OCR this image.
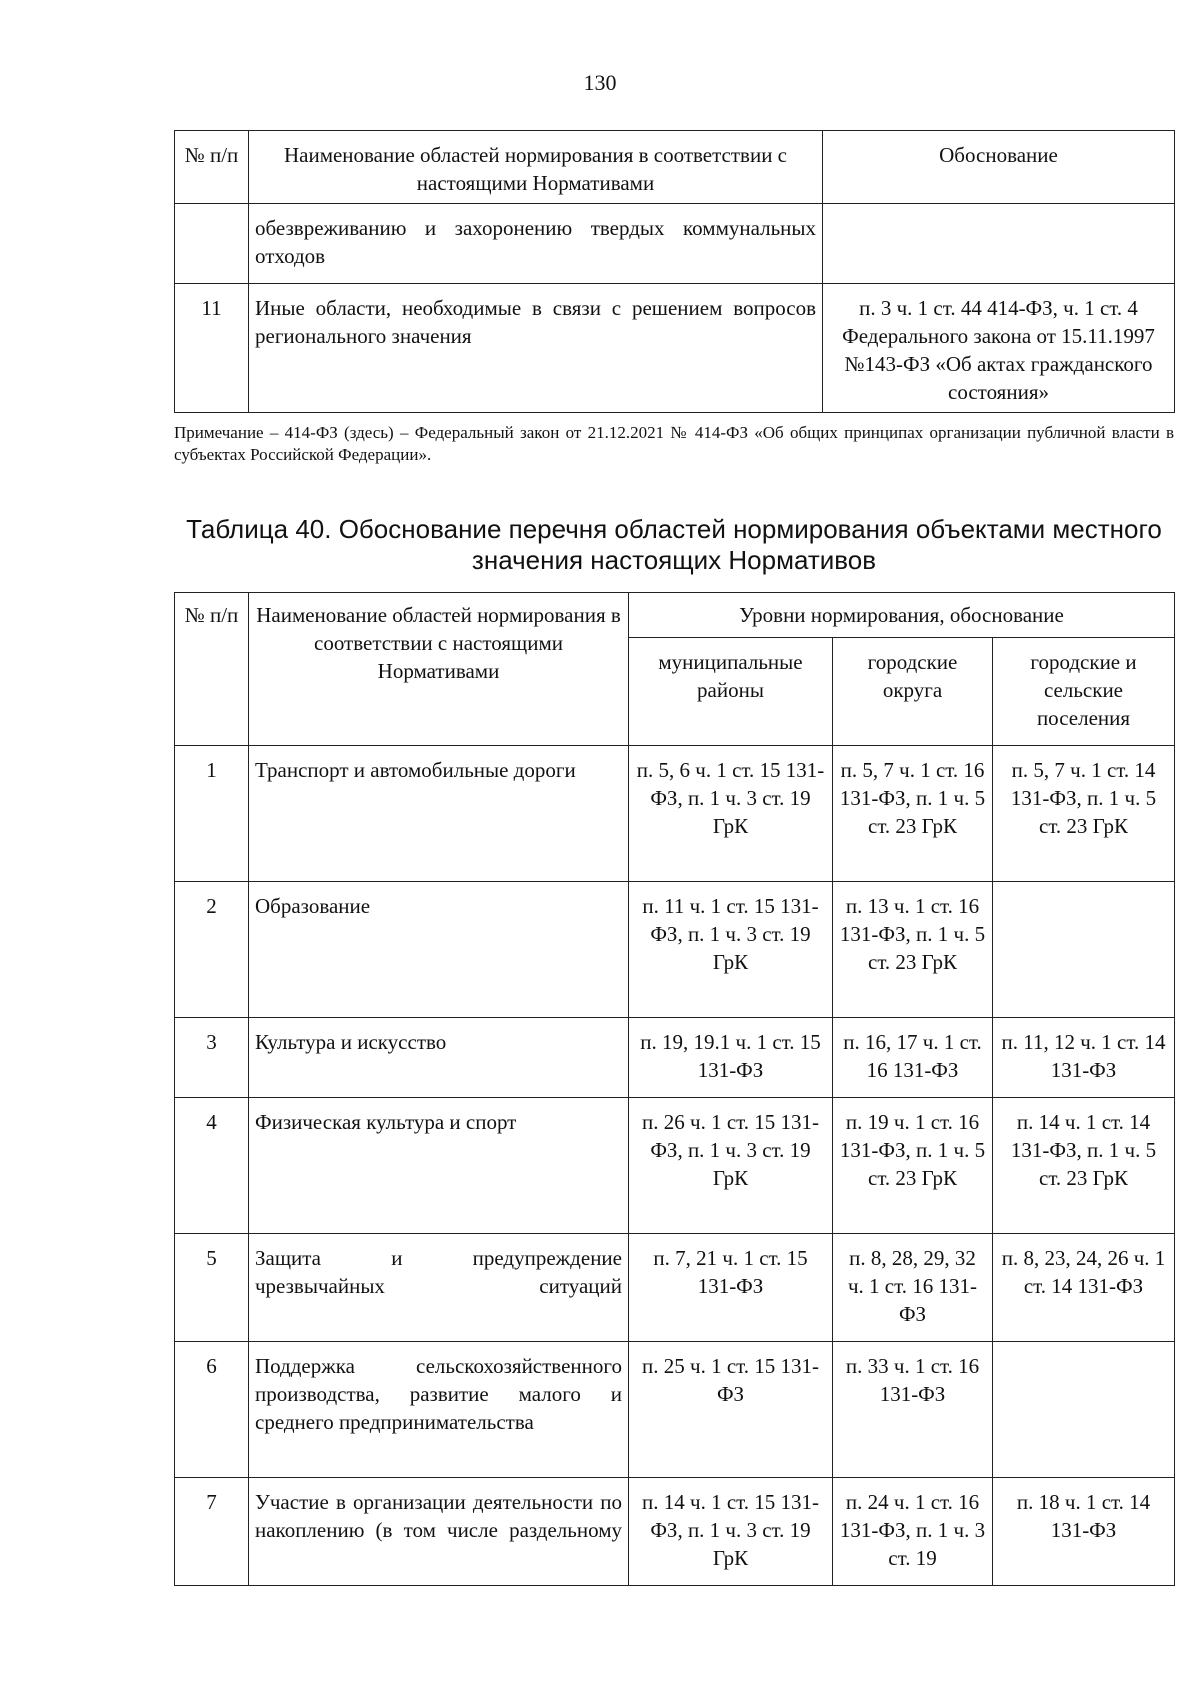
130
№ п/п	Наименование областей нормирования в соответствии с настоящими Нормативами	Обоснование
	обезвреживанию и захоронению твердых коммунальных отходов	
11	Иные области, необходимые в связи с решением вопросов регионального значения	п. 3 ч. 1 ст. 44 414-ФЗ, ч. 1 ст. 4 Федерального закона от 15.11.1997 №143-ФЗ «Об актах гражданского состояния»
Примечание – 414-ФЗ (здесь) – Федеральный закон от 21.12.2021 № 414-ФЗ «Об общих принципах организации публичной власти в субъектах Российской Федерации».
Таблица 40. Обоснование перечня областей нормирования объектами местного значения настоящих Нормативов
№ п/п	Наименование областей нормирования в соответствии с настоящими Нормативами	Уровни нормирования, обоснование		
		муниципальные районы	городские округа	городские и сельские поселения
1	Транспорт и автомобильные дороги	п. 5, 6 ч. 1 ст. 15 131-ФЗ, п. 1 ч. 3 ст. 19 ГрК	п. 5, 7 ч. 1 ст. 16 131-ФЗ, п. 1 ч. 5 ст. 23 ГрК	п. 5, 7 ч. 1 ст. 14 131-ФЗ, п. 1 ч. 5 ст. 23 ГрК
2	Образование	п. 11 ч. 1 ст. 15 131-ФЗ, п. 1 ч. 3 ст. 19 ГрК	п. 13 ч. 1 ст. 16 131-ФЗ, п. 1 ч. 5 ст. 23 ГрК	
3	Культура и искусство	п. 19, 19.1 ч. 1 ст. 15 131-ФЗ	п. 16, 17 ч. 1 ст. 16 131-ФЗ	п. 11, 12 ч. 1 ст. 14 131-ФЗ
4	Физическая культура и спорт	п. 26 ч. 1 ст. 15 131-ФЗ, п. 1 ч. 3 ст. 19 ГрК	п. 19 ч. 1 ст. 16 131-ФЗ, п. 1 ч. 5 ст. 23 ГрК	п. 14 ч. 1 ст. 14 131-ФЗ, п. 1 ч. 5 ст. 23 ГрК
5	Защита и предупреждение чрезвычайных ситуаций	п. 7, 21 ч. 1 ст. 15 131-ФЗ	п. 8, 28, 29, 32 ч. 1 ст. 16 131-ФЗ	п. 8, 23, 24, 26 ч. 1 ст. 14 131-ФЗ
6	Поддержка сельскохозяйственного производства, развитие малого и среднего предпринимательства	п. 25 ч. 1 ст. 15 131-ФЗ	п. 33 ч. 1 ст. 16 131-ФЗ	
7	Участие в организации деятельности по накоплению (в том числе раздельному	п. 14 ч. 1 ст. 15 131-ФЗ, п. 1 ч. 3 ст. 19 ГрК	п. 24 ч. 1 ст. 16 131-ФЗ, п. 1 ч. 3 ст. 19	п. 18 ч. 1 ст. 14 131-ФЗ
